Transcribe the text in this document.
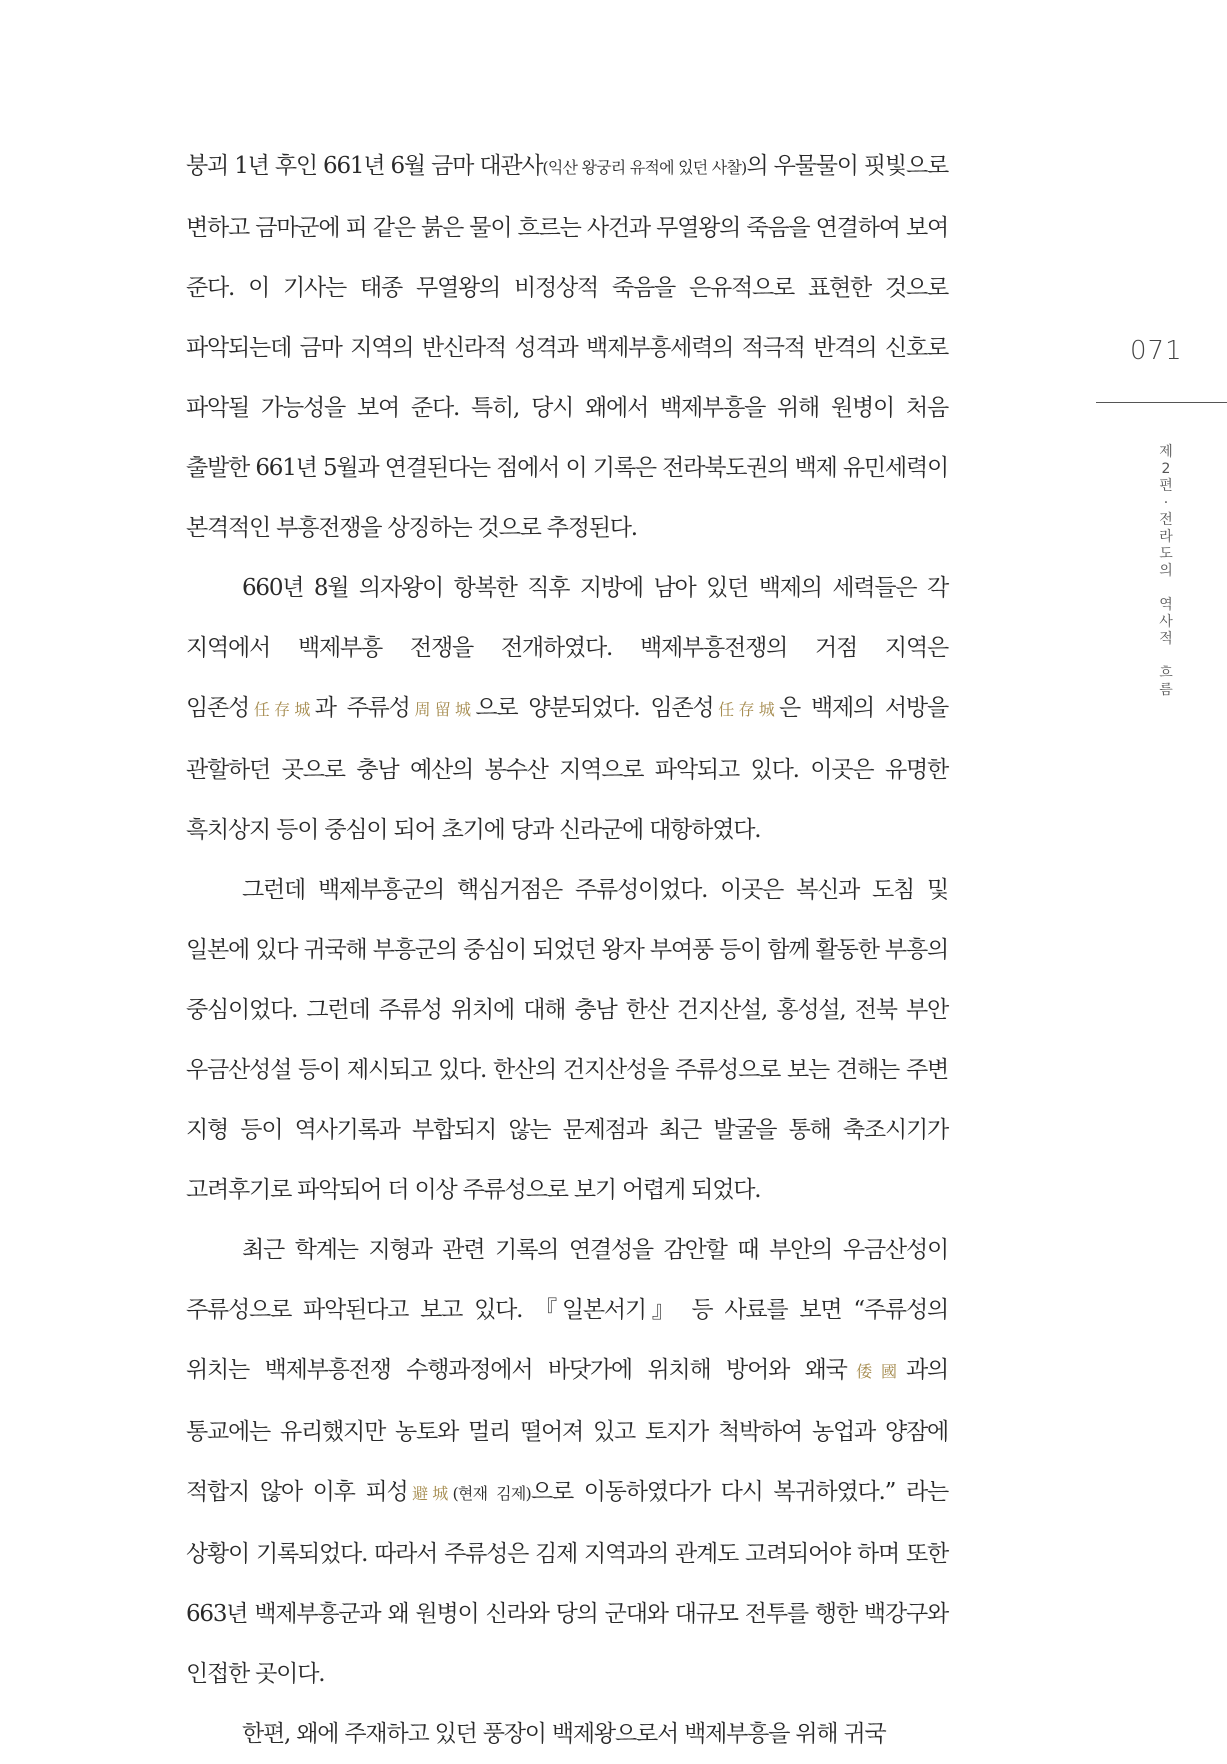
붕괴 1년 후인 661년 6월 금마 대관사(익산 왕궁리 유적에 있던 사찰)의 우물물이 핏빛으로 변하고 금마군에 피 같은 붉은 물이 흐르는 사건과 무열왕의 죽음을 연결하여 보여 준다. 이 기사는 태종 무열왕의 비정상적 죽음을 은유적으로 표현한 것으로 파악되는데 금마 지역의 반신라적 성격과 백제부흥세력의 적극적 반격의 신호로 파악될 가능성을 보여 준다. 특히, 당시 왜에서 백제부흥을 위해 원병이 처음 출발한 661년 5월과 연결된다는 점에서 이 기록은 전라북도권의 백제 유민세력이 본격적인 부흥전쟁을 상징하는 것으로 추정된다.

660년 8월 의자왕이 항복한 직후 지방에 남아 있던 백제의 세력들은 각 지역에서 백제부흥 전쟁을 전개하였다. 백제부흥전쟁의 거점 지역은 임존성任存城과 주류성周留城으로 양분되었다. 임존성任存城은 백제의 서방을 관할하던 곳으로 충남 예산의 봉수산 지역으로 파악되고 있다. 이곳은 유명한 흑치상지 등이 중심이 되어 초기에 당과 신라군에 대항하였다.

그런데 백제부흥군의 핵심거점은 주류성이었다. 이곳은 복신과 도침 및 일본에 있다 귀국해 부흥군의 중심이 되었던 왕자 부여풍 등이 함께 활동한 부흥의 중심이었다. 그런데 주류성 위치에 대해 충남 한산 건지산설, 홍성설, 전북 부안 우금산성설 등이 제시되고 있다. 한산의 건지산성을 주류성으로 보는 견해는 주변 지형 등이 역사기록과 부합되지 않는 문제점과 최근 발굴을 통해 축조시기가 고려후기로 파악되어 더 이상 주류성으로 보기 어렵게 되었다.

최근 학계는 지형과 관련 기록의 연결성을 감안할 때 부안의 우금산성이 주류성으로 파악된다고 보고 있다. 『일본서기』 등 사료를 보면 “주류성의 위치는 백제부흥전쟁 수행과정에서 바닷가에 위치해 방어와 왜국倭國과의 통교에는 유리했지만 농토와 멀리 떨어져 있고 토지가 척박하여 농업과 양잠에 적합지 않아 이후 피성避城(현재 김제)으로 이동하였다가 다시 복귀하였다.” 라는 상황이 기록되었다. 따라서 주류성은 김제 지역과의 관계도 고려되어야 하며 또한 663년 백제부흥군과 왜 원병이 신라와 당의 군대와 대규모 전투를 행한 백강구와 인접한 곳이다.

한편, 왜에 주재하고 있던 풍장이 백제왕으로서 백제부흥을 위해 귀국

071
제
2
편
·
전
라
도
의

역
사
적

흐
름
